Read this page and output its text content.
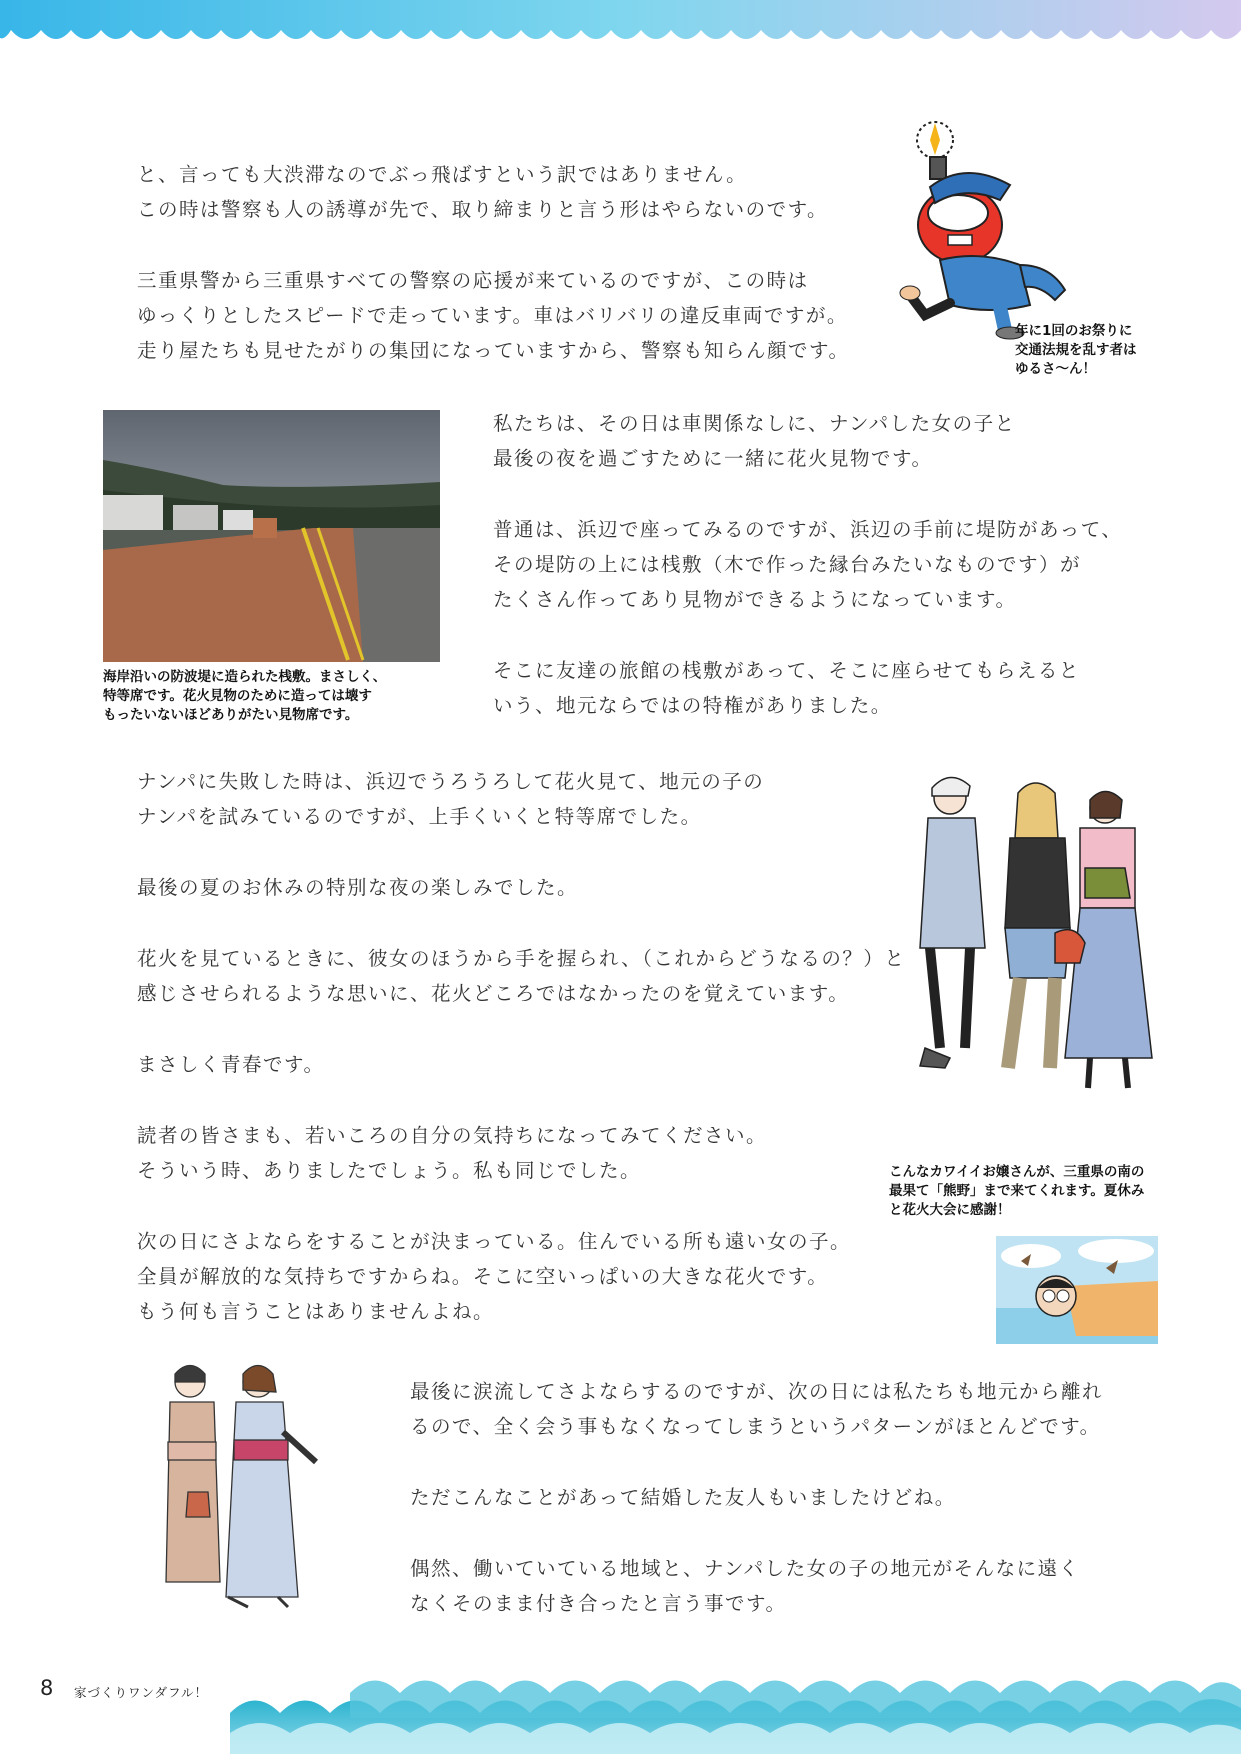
と、言っても大渋滞なのでぶっ飛ばすという訳ではありません。

この時は警察も人の誘導が先で、取り締まりと言う形はやらないのです。

三重県警から三重県すべての警察の応援が来ているのですが、この時は

ゆっくりとしたスピードで走っています。車はバリバリの違反車両ですが。

走り屋たちも見せたがりの集団になっていますから、警察も知らん顔です。

年に1回のお祭りに

交通法規を乱す者は

ゆるさ〜ん！

海岸沿いの防波堤に造られた桟敷。まさしく、

特等席です。花火見物のために造っては壊す

もったいないほどありがたい見物席です。

私たちは、その日は車関係なしに、ナンパした女の子と

最後の夜を過ごすために一緒に花火見物です。

普通は、浜辺で座ってみるのですが、浜辺の手前に堤防があって、

その堤防の上には桟敷（木で作った縁台みたいなものです）が

たくさん作ってあり見物ができるようになっています。

そこに友達の旅館の桟敷があって、そこに座らせてもらえると

いう、地元ならではの特権がありました。

ナンパに失敗した時は、浜辺でうろうろして花火見て、地元の子の

ナンパを試みているのですが、上手くいくと特等席でした。

最後の夏のお休みの特別な夜の楽しみでした。

花火を見ているときに、彼女のほうから手を握られ、（これからどうなるの？）と

感じさせられるような思いに、花火どころではなかったのを覚えています。

まさしく青春です。

読者の皆さまも、若いころの自分の気持ちになってみてください。

そういう時、ありましたでしょう。私も同じでした。

次の日にさよならをすることが決まっている。住んでいる所も遠い女の子。

全員が解放的な気持ちですからね。そこに空いっぱいの大きな花火です。

もう何も言うことはありませんよね。

こんなカワイイお嬢さんが、三重県の南の

最果て「熊野」まで来てくれます。夏休み

と花火大会に感謝！

最後に涙流してさよならするのですが、次の日には私たちも地元から離れ

るので、全く会う事もなくなってしまうというパターンがほとんどです。

ただこんなことがあって結婚した友人もいましたけどね。

偶然、働いていている地域と、ナンパした女の子の地元がそんなに遠く

なくそのまま付き合ったと言う事です。

8 家づくりワンダフル！
